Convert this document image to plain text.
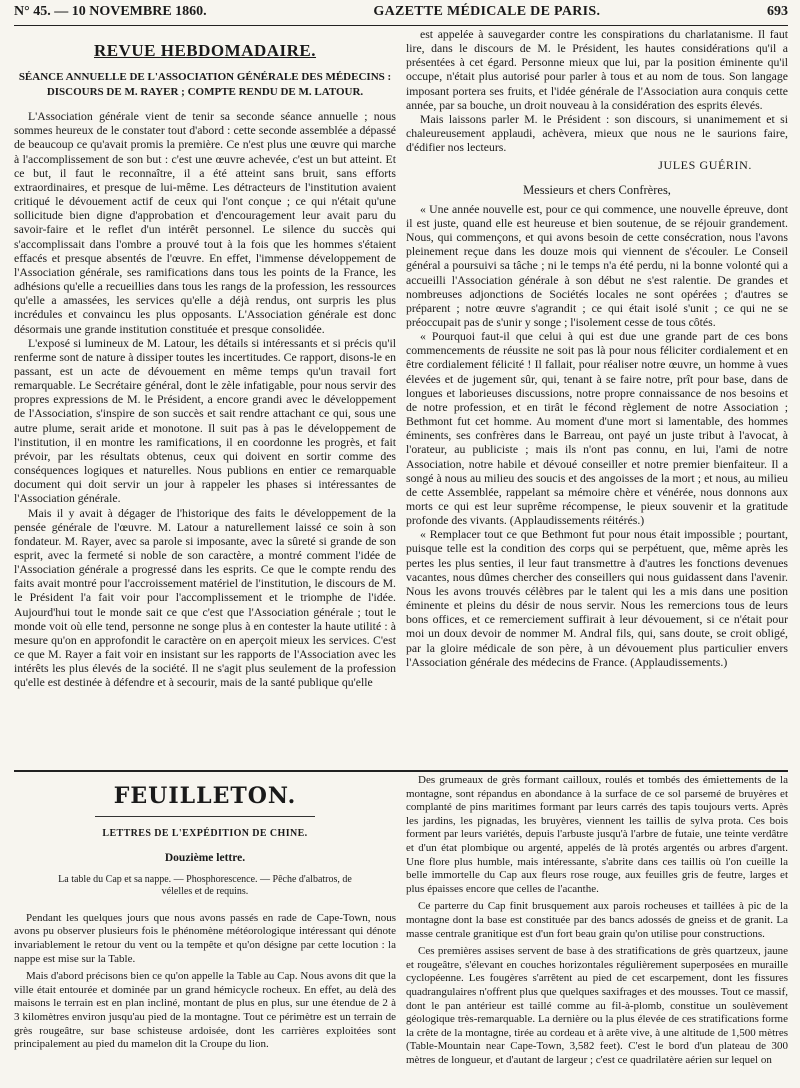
N° 45. — 10 NOVEMBRE 1860.	GAZETTE MÉDICALE DE PARIS.	693
REVUE HEBDOMADAIRE.
SÉANCE ANNUELLE DE L'ASSOCIATION GÉNÉRALE DES MÉDECINS :
DISCOURS DE M. RAYER ; COMPTE RENDU DE M. LATOUR.

L'Association générale vient de tenir sa seconde séance annuelle ; nous sommes heureux de le constater tout d'abord : cette seconde assemblée a dépassé de beaucoup ce qu'avait promis la première. Ce n'est plus une œuvre qui marche à l'accomplissement de son but : c'est une œuvre achevée, c'est un but atteint. Et ce but, il faut le reconnaître, il a été atteint sans bruit, sans efforts extraordinaires, et presque de lui-même. Les détracteurs de l'institution avaient critiqué le dévouement actif de ceux qui l'ont conçue ; ce qui n'était qu'une sollicitude bien digne d'approbation et d'encouragement leur avait paru du savoir-faire et le reflet d'un intérêt personnel. Le silence du succès qui s'accomplissait dans l'ombre a prouvé tout à la fois que les hommes s'étaient effacés et presque absentés de l'œuvre. En effet, l'immense développement de l'Association générale, ses ramifications dans tous les points de la France, les adhésions qu'elle a recueillies dans tous les rangs de la profession, les ressources qu'elle a amassées, les services qu'elle a déjà rendus, ont surpris les plus incrédules et convaincu les plus opposants. L'Association générale est donc désormais une grande institution constituée et presque consolidée.

L'exposé si lumineux de M. Latour, les détails si intéressants et si précis qu'il renferme sont de nature à dissiper toutes les incertitudes. Ce rapport, disons-le en passant, est un acte de dévouement en même temps qu'un travail fort remarquable. Le Secrétaire général, dont le zèle infatigable, pour nous servir des propres expressions de M. le Président, a encore grandi avec le développement de l'Association, s'inspire de son succès et sait rendre attachant ce qui, sous une autre plume, serait aride et monotone. Il suit pas à pas le développement de l'institution, il en montre les ramifications, il en coordonne les progrès, et fait prévoir, par les résultats obtenus, ceux qui doivent en sortir comme des conséquences logiques et naturelles. Nous publions en entier ce remarquable document qui doit servir un jour à rappeler les phases si intéressantes de l'Association générale.

Mais il y avait à dégager de l'historique des faits le développement de la pensée générale de l'œuvre. M. Latour a naturellement laissé ce soin à son fondateur. M. Rayer, avec sa parole si imposante, avec la sûreté si grande de son esprit, avec la fermeté si noble de son caractère, a montré comment l'idée de l'Association générale a progressé dans les esprits. Ce que le compte rendu des faits avait montré pour l'accroissement matériel de l'institution, le discours de M. le Président l'a fait voir pour l'accomplissement et le triomphe de l'idée. Aujourd'hui tout le monde sait ce que c'est que l'Association générale ; tout le monde voit où elle tend, personne ne songe plus à en contester la haute utilité : à mesure qu'on en approfondit le caractère on en aperçoit mieux les services. C'est ce que M. Rayer a fait voir en insistant sur les rapports de l'Association avec les intérêts les plus élevés de la société. Il ne s'agit plus seulement de la profession qu'elle est destinée à défendre et à secourir, mais de la santé publique qu'elle

est appelée à sauvegarder contre les conspirations du charlatanisme. Il faut lire, dans le discours de M. le Président, les hautes considérations qu'il a présentées à cet égard. Personne mieux que lui, par la position éminente qu'il occupe, n'était plus autorisé pour parler à tous et au nom de tous. Son langage imposant portera ses fruits, et l'idée générale de l'Association aura conquis cette année, par sa bouche, un droit nouveau à la considération des esprits élevés.

Mais laissons parler M. le Président : son discours, si unanimement et si chaleureusement applaudi, achèvera, mieux que nous ne le saurions faire, d'édifier nos lecteurs.

JULES GUÉRIN.
Messieurs et chers Confrères,

« Une année nouvelle est, pour ce qui commence, une nouvelle épreuve, dont il est juste, quand elle est heureuse et bien soutenue, de se réjouir grandement. Nous, qui commençons, et qui avons besoin de cette consécration, nous l'avons pleinement reçue dans les douze mois qui viennent de s'écouler. Le Conseil général a poursuivi sa tâche ; ni le temps n'a été perdu, ni la bonne volonté qui a accueilli l'Association générale à son début ne s'est ralentie. De grandes et nombreuses adjonctions de Sociétés locales ne sont opérées ; d'autres se préparent ; notre œuvre s'agrandit ; ce qui était isolé s'unit ; ce qui ne se préoccupait pas de s'unir y songe ; l'isolement cesse de tous côtés.

« Pourquoi faut-il que celui à qui est due une grande part de ces bons commencements de réussite ne soit pas là pour nous féliciter cordialement et en être cordialement félicité ! Il fallait, pour réaliser notre œuvre, un homme à vues élevées et de jugement sûr, qui, tenant à se faire notre, prît pour base, dans de longues et laborieuses discussions, notre propre connaissance de nos besoins et de notre profession, et en tirât le fécond règlement de notre Association ; Bethmont fut cet homme. Au moment d'une mort si lamentable, des hommes éminents, ses confrères dans le Barreau, ont payé un juste tribut à l'avocat, à l'orateur, au publiciste ; mais ils n'ont pas connu, en lui, l'ami de notre Association, notre habile et dévoué conseiller et notre premier bienfaiteur. Il a songé à nous au milieu des soucis et des angoisses de la mort ; et nous, au milieu de cette Assemblée, rappelant sa mémoire chère et vénérée, nous donnons aux morts ce qui est leur suprême récompense, le pieux souvenir et la gratitude profonde des vivants. (Applaudissements réitérés.)

« Remplacer tout ce que Bethmont fut pour nous était impossible ; pourtant, puisque telle est la condition des corps qui se perpétuent, que, même après les pertes les plus senties, il leur faut transmettre à d'autres les fonctions devenues vacantes, nous dûmes chercher des conseillers qui nous guidassent dans l'avenir. Nous les avons trouvés célèbres par le talent qui les a mis dans une position éminente et pleins du désir de nous servir. Nous les remercions tous de leurs bons offices, et ce remerciement suffirait à leur dévouement, si ce n'était pour moi un doux devoir de nommer M. Andral fils, qui, sans doute, se croit obligé, par la gloire médicale de son père, à un dévouement plus particulier envers l'Association générale des médecins de France. (Applaudissements.)

FEUILLETON.
LETTRES DE L'EXPÉDITION DE CHINE.
Douzième lettre.
La table du Cap et sa nappe. — Phosphorescence. — Pêche d'albatros, de vélelles et de requins.

Pendant les quelques jours que nous avons passés en rade de Cape-Town, nous avons pu observer plusieurs fois le phénomène météorologique intéressant qui dénote invariablement le retour du vent ou la tempête et qu'on désigne par cette locution : la nappe est mise sur la Table.

Mais d'abord précisons bien ce qu'on appelle la Table au Cap. Nous avons dit que la ville était entourée et dominée par un grand hémicycle rocheux. En effet, au delà des maisons le terrain est en plan incliné, montant de plus en plus, sur une étendue de 2 à 3 kilomètres environ jusqu'au pied de la montagne. Tout ce périmètre est un terrain de grès rougeâtre, sur base schisteuse ardoisée, dont les carrières exploitées sont principalement au pied du mamelon dit la Croupe du lion.

Des grumeaux de grès formant cailloux, roulés et tombés des émiettements de la montagne, sont répandus en abondance à la surface de ce sol parsemé de bruyères et complanté de pins maritimes formant par leurs carrés des tapis toujours verts. Après les jardins, les pignadas, les bruyères, viennent les taillis de sylva prota. Ces bois forment par leurs variétés, depuis l'arbuste jusqu'à l'arbre de futaie, une teinte verdâtre et d'un état plombique ou argenté, appelés de là protés argentés ou arbres d'argent. Une flore plus humble, mais intéressante, s'abrite dans ces taillis où l'on cueille la belle immortelle du Cap aux fleurs rose rouge, aux feuilles gris de feutre, larges et plus épaisses encore que celles de l'acanthe.

Ce parterre du Cap finit brusquement aux parois rocheuses et taillées à pic de la montagne dont la base est constituée par des bancs adossés de gneiss et de granit. La masse centrale granitique est d'un fort beau grain qu'on utilise pour constructions.

Ces premières assises servent de base à des stratifications de grès quartzeux, jaune et rougeâtre, s'élevant en couches horizontales régulièrement superposées en muraille cyclopéenne. Les fougères s'arrêtent au pied de cet escarpement, dont les fissures quadrangulaires n'offrent plus que quelques saxifrages et des mousses. Tout ce massif, dont le pan antérieur est taillé comme au fil-à-plomb, constitue un soulèvement géologique très-remarquable. La dernière ou la plus élevée de ces stratifications forme la crête de la montagne, tirée au cordeau et à arête vive, à une altitude de 1,500 mètres (Table-Mountain near Cape-Town, 3,582 feet). C'est le bord d'un plateau de 300 mètres de longueur, et d'autant de largeur ; c'est ce quadrilatère aérien sur lequel on
